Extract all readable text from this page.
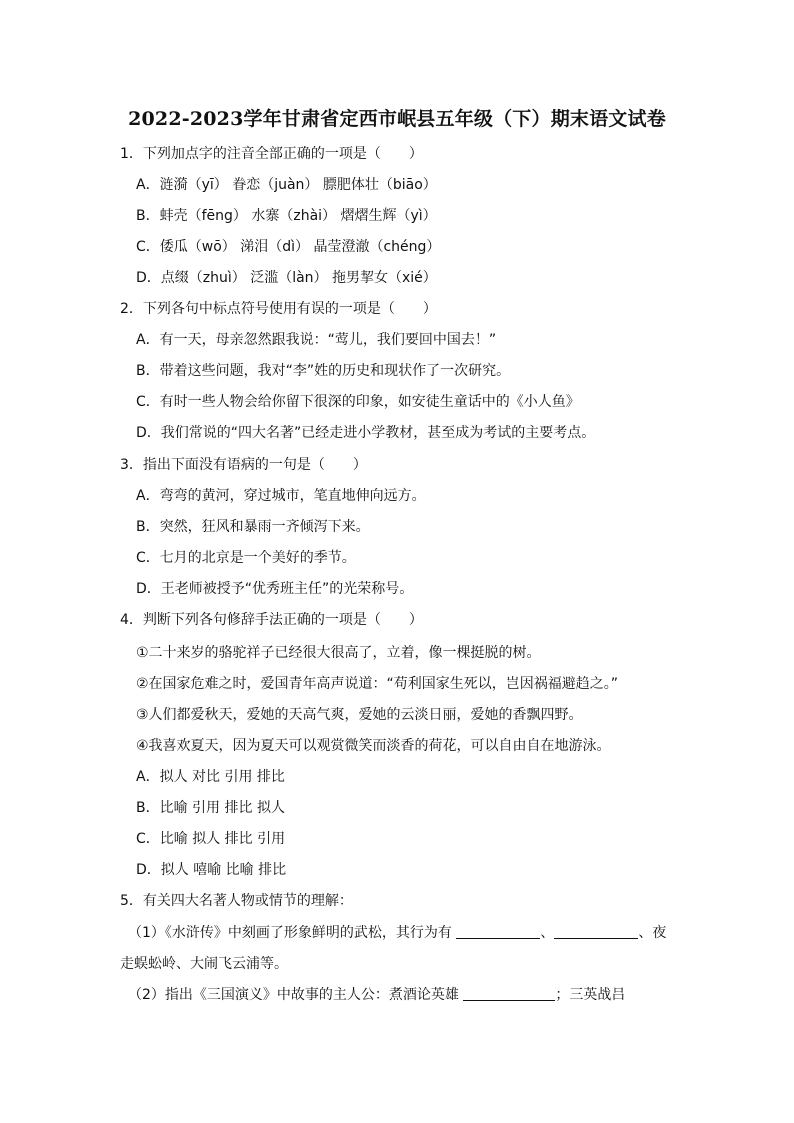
2022-2023学年甘肃省定西市岷县五年级（下）期末语文试卷
1．下列加点字的注音全部正确的一项是（　　）
A．涟漪（yī） 眷恋（juàn） 膘肥体壮（biāo）
B．蚌壳（fēng） 水寨（zhài） 熠熠生辉（yì）
C．倭瓜（wō） 涕泪（dì） 晶莹澄澈（chéng）
D．点缀（zhuì） 泛滥（làn） 拖男挈女（xié）
2．下列各句中标点符号使用有误的一项是（　　）
A．有一天，母亲忽然跟我说：“莺儿，我们要回中国去！”
B．带着这些问题，我对“李”姓的历史和现状作了一次研究。
C．有时一些人物会给你留下很深的印象，如安徒生童话中的《小人鱼》
D．我们常说的“四大名著”已经走进小学教材，甚至成为考试的主要考点。
3．指出下面没有语病的一句是（　　）
A．弯弯的黄河，穿过城市，笔直地伸向远方。
B．突然，狂风和暴雨一齐倾泻下来。
C．七月的北京是一个美好的季节。
D．王老师被授予“优秀班主任”的光荣称号。
4．判断下列各句修辞手法正确的一项是（　　）
①二十来岁的骆驼祥子已经很大很高了，立着，像一棵挺脱的树。
②在国家危难之时，爱国青年高声说道：“苟利国家生死以，岂因祸福避趋之。”
③人们都爱秋天，爱她的天高气爽，爱她的云淡日丽，爱她的香飘四野。
④我喜欢夏天，因为夏天可以观赏微笑而淡香的荷花，可以自由自在地游泳。
A．拟人 对比 引用 排比
B．比喻 引用 排比 拟人
C．比喻 拟人 排比 引用
D．拟人 嘻喻 比喻 排比
5．有关四大名著人物或情节的理解：
（1）《水浒传》中刻画了形象鲜明的武松，其行为有	、	、夜
走蜈蚣岭、大闹飞云浦等。
（2）指出《三国演义》中故事的主人公：煮酒论英雄	；三英战吕
